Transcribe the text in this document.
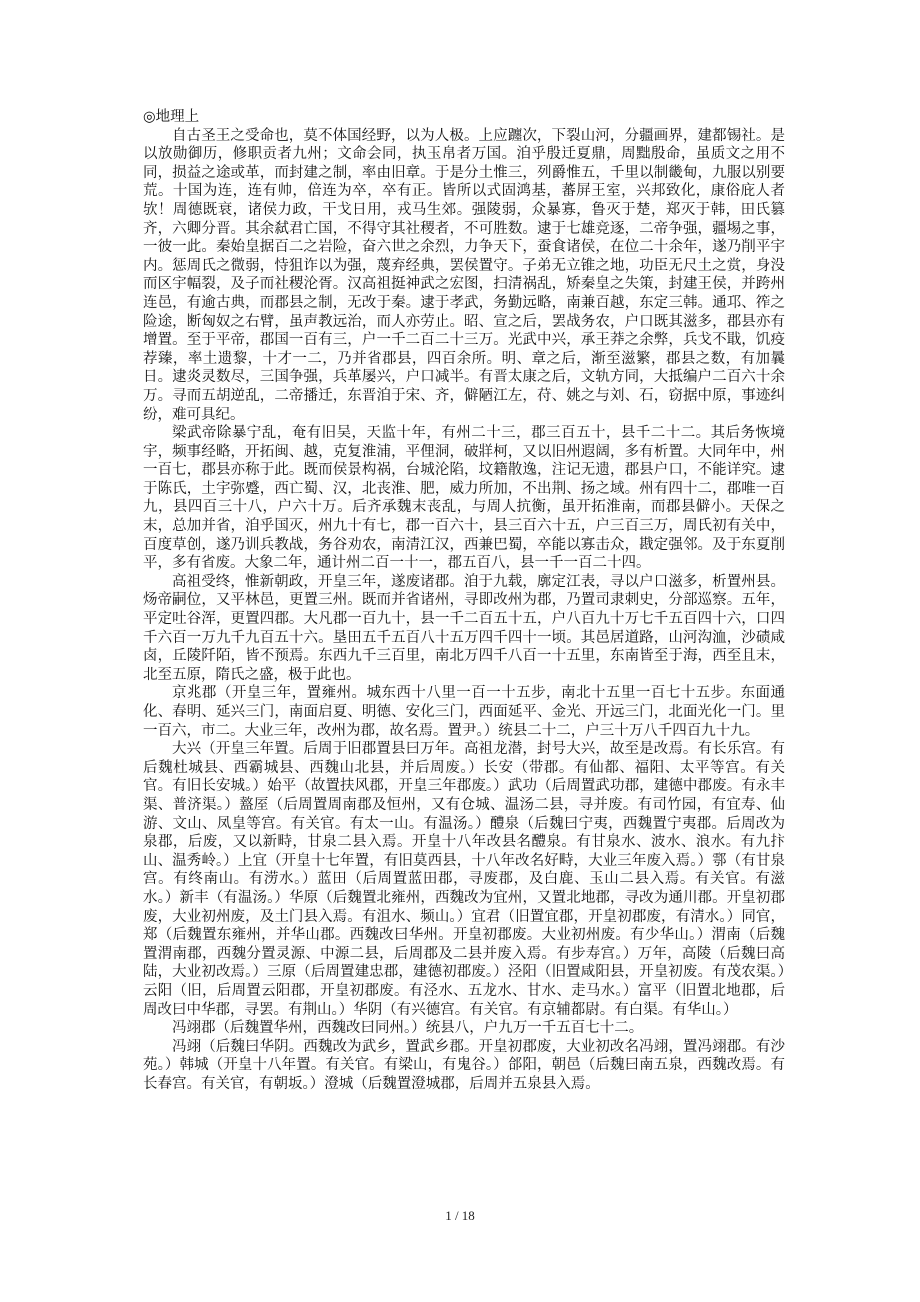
◎地理上

自古圣王之受命也，莫不体国经野，以为人极。上应躔次，下裂山河，分疆画界，建都锡社。是以放勋御历，修职贡者九州；文命会同，执玉帛者万国。洎乎殷迁夏鼎，周黜殷命，虽质文之用不同，损益之途或革，而封建之制，率由旧章。于是分土惟三，列爵惟五，千里以制畿甸，九服以别要荒。十国为连，连有帅，倍连为卒，卒有正。皆所以式固鸿基，蕃屏王室，兴邦致化，康俗庇人者欤！周德既衰，诸侯力政，干戈日用，戎马生郊。强陵弱，众暴寡，鲁灭于楚，郑灭于韩，田氏篡齐，六卿分晋。其余弑君亡国，不得守其社稷者，不可胜数。逮于七雄竞逐，二帝争强，疆埸之事，一彼一此。秦始皇据百二之岩险，奋六世之余烈，力争天下，蚕食诸侯，在位二十余年，遂乃削平宇内。惩周氏之微弱，恃狙诈以为强，蔑弃经典，罢侯置守。子弟无立锥之地，功臣无尺土之赏，身没而区宇幅裂，及子而社稷沦胥。汉高祖挺神武之宏图，扫清祸乱，矫秦皇之失策，封建王侯，并跨州连邑，有逾古典，而郡县之制，无改于秦。逮于孝武，务勤远略，南兼百越，东定三韩。通邛、筰之险途，断匈奴之右臂，虽声教远治，而人亦劳止。昭、宣之后，罢战务农，户口既其滋多，郡县亦有增置。至于平帝，郡国一百有三，户一千二百二十三万。光武中兴，承王莽之余弊，兵戈不戢，饥疫荐臻，率土遗黎，十才一二，乃并省郡县，四百余所。明、章之后，渐至滋繁，郡县之数，有加曩日。逮炎灵数尽，三国争强，兵革屡兴，户口减半。有晋太康之后，文轨方同，大抵编户二百六十余万。寻而五胡逆乱，二帝播迁，东晋洎于宋、齐，僻陋江左，苻、姚之与刘、石，窃据中原，事迹纠纷，难可具纪。

梁武帝除暴宁乱，奄有旧吴，天监十年，有州二十三，郡三百五十，县千二十二。其后务恢境宇，频事经略，开拓闽、越，克复淮浦，平俚洞，破牂柯，又以旧州遐阔，多有析置。大同年中，州一百七，郡县亦称于此。既而侯景构祸，台城沦陷，坟籍散逸，注记无遗，郡县户口，不能详究。逮于陈氏，土宇弥蹙，西亡蜀、汉，北丧淮、肥，威力所加，不出荆、扬之域。州有四十二，郡唯一百九，县四百三十八，户六十万。后齐承魏末丧乱，与周人抗衡，虽开拓淮南，而郡县僻小。天保之末，总加并省，洎乎国灭，州九十有七，郡一百六十，县三百六十五，户三百三万，周氏初有关中，百度草创，遂乃训兵教战，务谷劝农，南清江汉，西兼巴蜀，卒能以寡击众，戡定强邻。及于东夏削平，多有省废。大象二年，通计州二百一十一，郡五百八，县一千一百二十四。

高祖受终，惟新朝政，开皇三年，遂废诸郡。洎于九载，廓定江表，寻以户口滋多，析置州县。炀帝嗣位，又平林邑，更置三州。既而并省诸州，寻即改州为郡，乃置司隶刺史，分部巡察。五年，平定吐谷浑，更置四郡。大凡郡一百九十，县一千二百五十五，户八百九十万七千五百四十六，口四千六百一万九千九百五十六。垦田五千五百八十五万四千四十一顷。其邑居道路，山河沟洫，沙碛咸卤，丘陵阡陌，皆不预焉。东西九千三百里，南北万四千八百一十五里，东南皆至于海，西至且末，北至五原，隋氏之盛，极于此也。

京兆郡（开皇三年，置雍州。城东西十八里一百一十五步，南北十五里一百七十五步。东面通化、春明、延兴三门，南面启夏、明德、安化三门，西面延平、金光、开远三门，北面光化一门。里一百六，市二。大业三年，改州为郡，故名焉。置尹。）统县二十二，户三十万八千四百九十九。

大兴（开皇三年置。后周于旧郡置县曰万年。高祖龙潜，封号大兴，故至是改焉。有长乐宫。有后魏杜城县、西霸城县、西魏山北县，并后周废。）长安（带郡。有仙都、福阳、太平等宫。有关官。有旧长安城。）始平（故置扶风郡，开皇三年郡废。）武功（后周置武功郡，建德中郡废。有永丰渠、普济渠。）盩厔（后周置周南郡及恒州，又有仓城、温汤二县，寻并废。有司竹园，有宜寿、仙游、文山、凤皇等宫。有关官。有太一山。有温汤。）醴泉（后魏曰宁夷，西魏置宁夷郡。后周改为泉郡，后废，又以新畤，甘泉二县入焉。开皇十八年改县名醴泉。有甘泉水、波水、浪水。有九抃山、温秀岭。）上宜（开皇十七年置，有旧莫西县，十八年改名好畤，大业三年废入焉。）鄠（有甘泉宫。有终南山。有涝水。）蓝田（后周置蓝田郡，寻废郡，及白鹿、玉山二县入焉。有关官。有滋水。）新丰（有温汤。）华原（后魏置北雍州，西魏改为宜州，又置北地郡，寻改为通川郡。开皇初郡废，大业初州废，及土门县入焉。有沮水、频山。）宜君（旧置宜郡，开皇初郡废，有清水。）同官，郑（后魏置东雍州，并华山郡。西魏改曰华州。开皇初郡废。大业初州废。有少华山。）渭南（后魏置渭南郡，西魏分置灵源、中源二县，后周郡及二县并废入焉。有步寿宫。）万年，高陵（后魏曰高陆，大业初改焉。）三原（后周置建忠郡，建德初郡废。）泾阳（旧置咸阳县，开皇初废。有茂农渠。）云阳（旧，后周置云阳郡，开皇初郡废。有泾水、五龙水、甘水、走马水。）富平（旧置北地郡，后周改曰中华郡，寻罢。有荆山。）华阴（有兴德宫。有关官。有京辅都尉。有白渠。有华山。）

冯翊郡（后魏置华州，西魏改曰同州。）统县八，户九万一千五百七十二。

冯翊（后魏曰华阴。西魏改为武乡，置武乡郡。开皇初郡废，大业初改名冯翊，置冯翊郡。有沙苑。）韩城（开皇十八年置。有关官。有梁山，有鬼谷。）郃阳，朝邑（后魏曰南五泉，西魏改焉。有长春宫。有关官，有朝坂。）澄城（后魏置澄城郡，后周并五泉县入焉。

1 / 18
